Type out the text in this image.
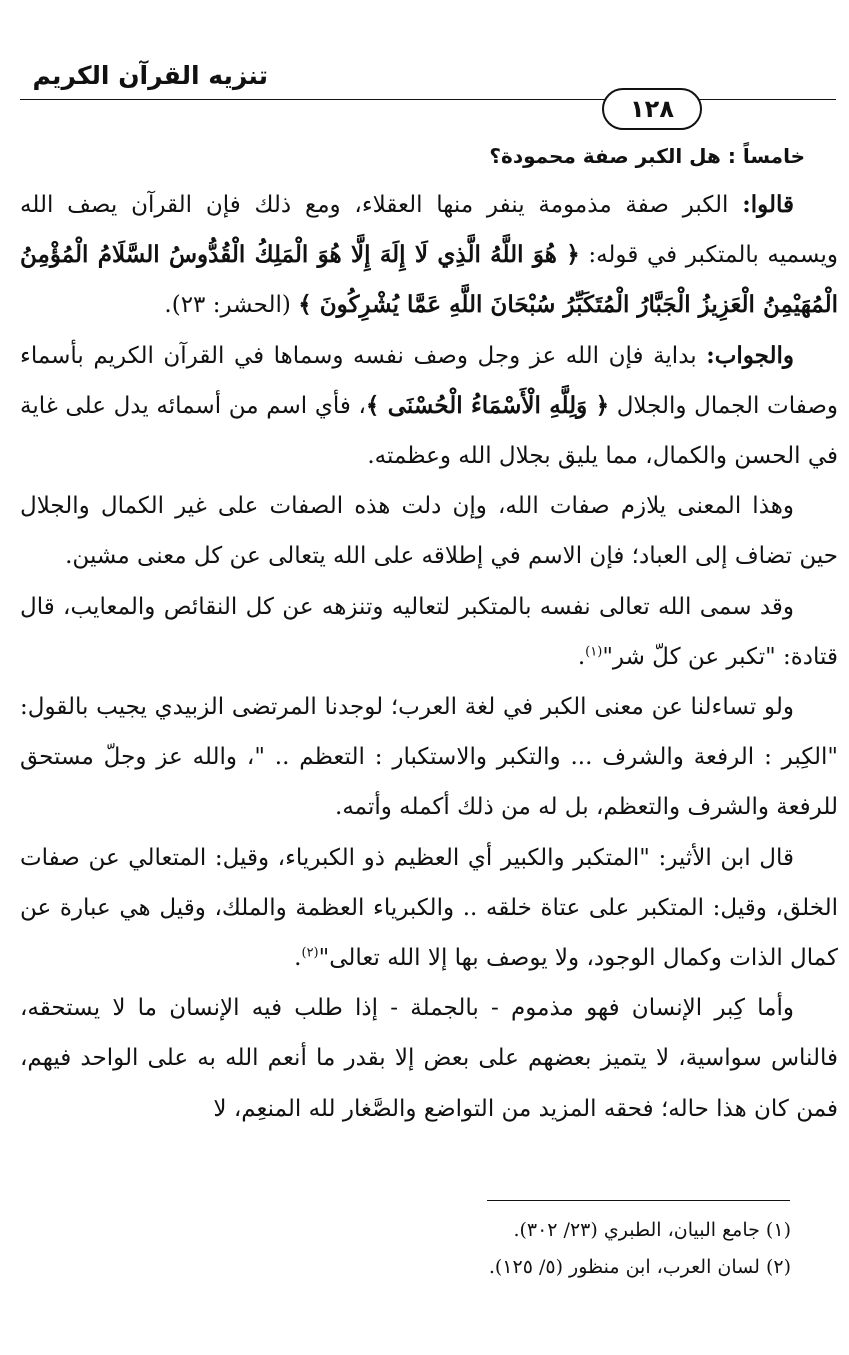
تنزيه القرآن الكريم
١٢٨
خامساً : هل الكبر صفة محمودة؟

قالوا: الكبر صفة مذمومة ينفر منها العقلاء، ومع ذلك فإن القرآن يصف الله ويسميه بالمتكبر في قوله: ﴿ هُوَ اللَّهُ الَّذِي لَا إِلَهَ إِلَّا هُوَ الْمَلِكُ الْقُدُّوسُ السَّلَامُ الْمُؤْمِنُ الْمُهَيْمِنُ الْعَزِيزُ الْجَبَّارُ الْمُتَكَبِّرُ سُبْحَانَ اللَّهِ عَمَّا يُشْرِكُونَ ﴾ (الحشر: ٢٣).

والجواب: بداية فإن الله عز وجل وصف نفسه وسماها في القرآن الكريم بأسماء وصفات الجمال والجلال ﴿ وَلِلَّهِ الْأَسْمَاءُ الْحُسْنَى ﴾، فأي اسم من أسمائه يدل على غاية في الحسن والكمال، مما يليق بجلال الله وعظمته.

وهذا المعنى يلازم صفات الله، وإن دلت هذه الصفات على غير الكمال والجلال حين تضاف إلى العباد؛ فإن الاسم في إطلاقه على الله يتعالى عن كل معنى مشين.

وقد سمى الله تعالى نفسه بالمتكبر لتعاليه وتنزهه عن كل النقائص والمعايب، قال قتادة: "تكبر عن كلّ شر"$^{(١)}$.

ولو تساءلنا عن معنى الكبر في لغة العرب؛ لوجدنا المرتضى الزبيدي يجيب بالقول: "الكِبر : الرفعة والشرف ... والتكبر والاستكبار : التعظم .. "، والله عز وجلّ مستحق للرفعة والشرف والتعظم، بل له من ذلك أكمله وأتمه.

قال ابن الأثير: "المتكبر والكبير أي العظيم ذو الكبرياء، وقيل: المتعالي عن صفات الخلق، وقيل: المتكبر على عتاة خلقه .. والكبرياء العظمة والملك، وقيل هي عبارة عن كمال الذات وكمال الوجود، ولا يوصف بها إلا الله تعالى"$^{(٢)}$.

وأما كِبر الإنسان فهو مذموم - بالجملة - إذا طلب فيه الإنسان ما لا يستحقه، فالناس سواسية، لا يتميز بعضهم على بعض إلا بقدر ما أنعم الله به على الواحد فيهم، فمن كان هذا حاله؛ فحقه المزيد من التواضع والصَّغار لله المنعِم، لا

(١) جامع البيان، الطبري (٢٣/ ٣٠٢).

(٢) لسان العرب، ابن منظور (٥/ ١٢٥).
